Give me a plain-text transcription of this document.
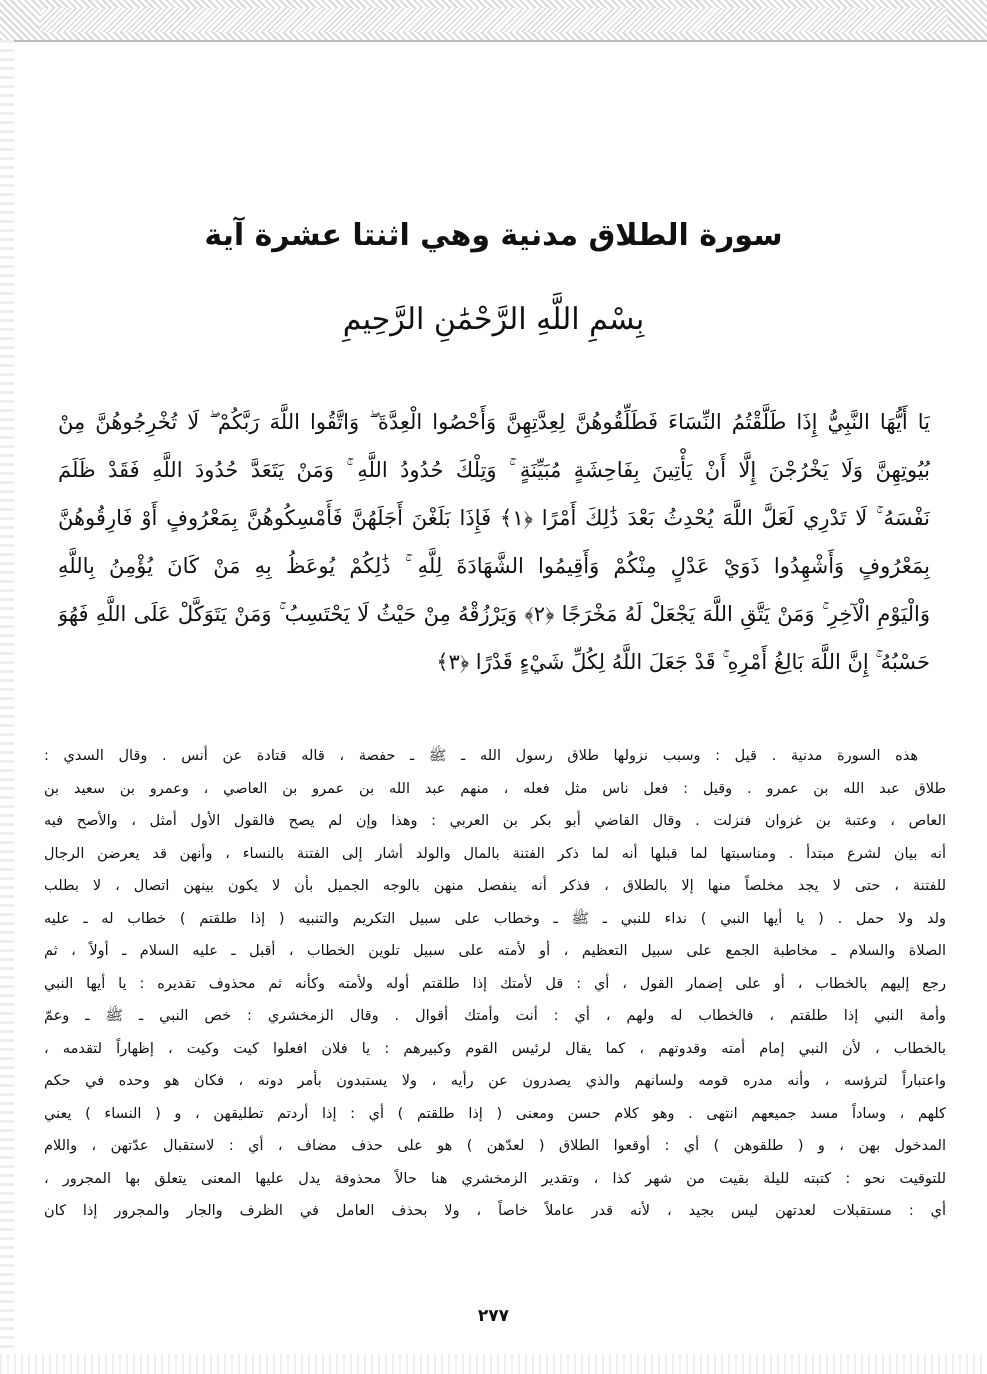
سورة الطلاق مدنية وهي اثنتا عشرة آية
بِسْمِ اللَّهِ الرَّحْمَٰنِ الرَّحِيمِ
يَا أَيُّهَا النَّبِيُّ إِذَا طَلَّقْتُمُ النِّسَاءَ فَطَلِّقُوهُنَّ لِعِدَّتِهِنَّ وَأَحْصُوا الْعِدَّةَ ۖ وَاتَّقُوا اللَّهَ رَبَّكُمْ ۖ لَا تُخْرِجُوهُنَّ مِنْ
بُيُوتِهِنَّ وَلَا يَخْرُجْنَ إِلَّا أَنْ يَأْتِينَ بِفَاحِشَةٍ مُبَيِّنَةٍ ۚ وَتِلْكَ حُدُودُ اللَّهِ ۚ وَمَنْ يَتَعَدَّ حُدُودَ اللَّهِ فَقَدْ ظَلَمَ
نَفْسَهُ ۚ لَا تَدْرِي لَعَلَّ اللَّهَ يُحْدِثُ بَعْدَ ذَٰلِكَ أَمْرًا ﴿١﴾ فَإِذَا بَلَغْنَ أَجَلَهُنَّ فَأَمْسِكُوهُنَّ بِمَعْرُوفٍ أَوْ فَارِقُوهُنَّ
بِمَعْرُوفٍ وَأَشْهِدُوا ذَوَيْ عَدْلٍ مِنْكُمْ وَأَقِيمُوا الشَّهَادَةَ لِلَّهِ ۚ ذَٰلِكُمْ يُوعَظُ بِهِ مَنْ كَانَ يُؤْمِنُ بِاللَّهِ
وَالْيَوْمِ الْآخِرِ ۚ وَمَنْ يَتَّقِ اللَّهَ يَجْعَلْ لَهُ مَخْرَجًا ﴿٢﴾ وَيَرْزُقْهُ مِنْ حَيْثُ لَا يَحْتَسِبُ ۚ وَمَنْ يَتَوَكَّلْ عَلَى اللَّهِ فَهُوَ
حَسْبُهُ ۚ إِنَّ اللَّهَ بَالِغُ أَمْرِهِ ۚ قَدْ جَعَلَ اللَّهُ لِكُلِّ شَيْءٍ قَدْرًا ﴿٣﴾
هذه السورة مدنية . قيل : وسبب نزولها طلاق رسول الله ـ ﷺ ـ حفصة ، قاله قتادة عن أنس . وقال السدي :
طلاق عبد الله بن عمرو . وقيل : فعل ناس مثل فعله ، منهم عبد الله بن عمرو بن العاصي ، وعمرو بن سعيد بن
العاص ، وعتبة بن غزوان فنزلت . وقال القاضي أبو بكر بن العربي : وهذا وإن لم يصح فالقول الأول أمثل ، والأصح فيه
أنه بيان لشرع مبتدأ . ومناسبتها لما قبلها أنه لما ذكر الفتنة بالمال والولد أشار إلى الفتنة بالنساء ، وأنهن قد يعرضن الرجال
للفتنة ، حتى لا يجد مخلصاً منها إلا بالطلاق ، فذكر أنه ينفصل منهن بالوجه الجميل بأن لا يكون بينهن اتصال ، لا بطلب
ولد ولا حمل . ( يا أيها النبي ) نداء للنبي ـ ﷺ ـ وخطاب على سبيل التكريم والتنبيه ( إذا طلقتم ) خطاب له ـ عليه
الصلاة والسلام ـ مخاطبة الجمع على سبيل التعظيم ، أو لأمته على سبيل تلوين الخطاب ، أقبل ـ عليه السلام ـ أولاً ، ثم
رجع إليهم بالخطاب ، أو على إضمار القول ، أي : قل لأمتك إذا طلقتم أوله ولأمته وكأنه ثم محذوف تقديره : يا أيها النبي
وأمة النبي إذا طلقتم ، فالخطاب له ولهم ، أي : أنت وأمتك أقوال . وقال الزمخشري : خص النبي ـ ﷺ ـ وعمّ
بالخطاب ، لأن النبي إمام أمته وقدوتهم ، كما يقال لرئيس القوم وكبيرهم : يا فلان افعلوا كيت وكيت ، إظهاراً لتقدمه ،
واعتباراً لترؤسه ، وأنه مدره قومه ولسانهم والذي يصدرون عن رأيه ، ولا يستبدون بأمر دونه ، فكان هو وحده في حكم
كلهم ، وساداً مسد جميعهم انتهى . وهو كلام حسن ومعنى ( إذا طلقتم ) أي : إذا أردتم تطليقهن ، و ( النساء ) يعني
المدخول بهن ، و ( طلقوهن ) أي : أوقعوا الطلاق ( لعدّهن ) هو على حذف مضاف ، أي : لاستقبال عدّتهن ، واللام
للتوقيت نحو : كتبته لليلة بقيت من شهر كذا ، وتقدير الزمخشري هنا حالاً محذوفة يدل عليها المعنى يتعلق بها المجرور ،
أي : مستقبلات لعدتهن ليس بجيد ، لأنه قدر عاملاً خاصاً ، ولا بحذف العامل في الظرف والجار والمجرور إذا كان
٢٧٧
